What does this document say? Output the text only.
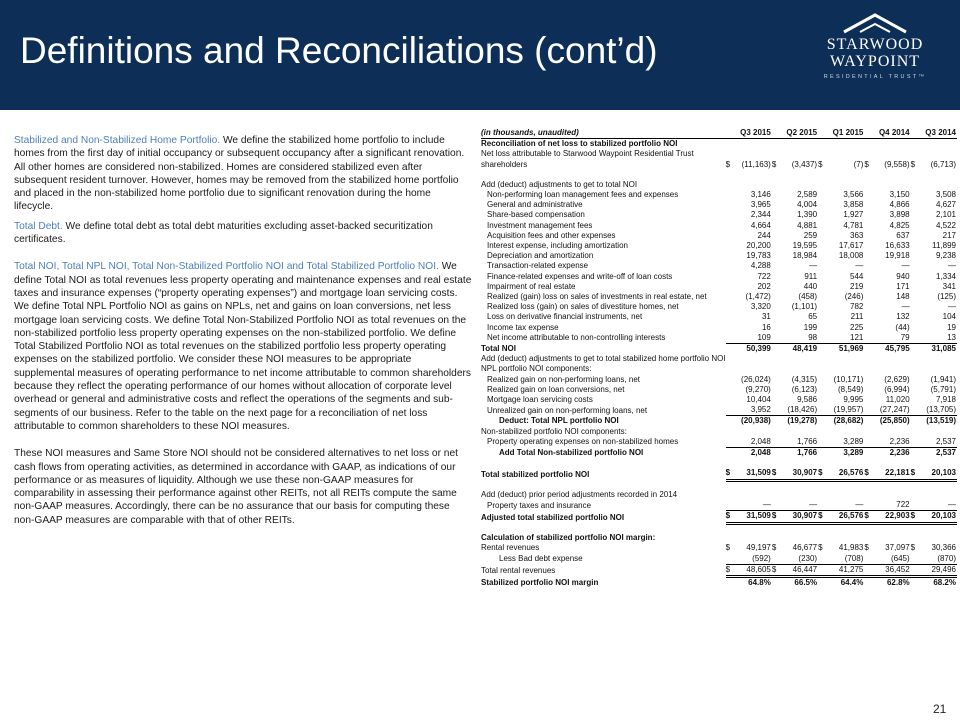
Definitions and Reconciliations (cont’d)	STARWOOD
WAYPOINT
RESIDENTIAL TRUST™

Stabilized and Non-Stabilized Home Portfolio. We define the stabilized home portfolio to include homes from the first day of initial occupancy or subsequent occupancy after a significant renovation. All other homes are considered non-stabilized. Homes are considered stabilized even after subsequent resident turnover. However, homes may be removed from the stabilized home portfolio and placed in the non-stabilized home portfolio due to significant renovation during the home lifecycle.

Total Debt. We define total debt as total debt maturities excluding asset-backed securitization certificates.

Total NOI, Total NPL NOI, Total Non-Stabilized Portfolio NOI and Total Stabilized Portfolio NOI. We define Total NOI as total revenues less property operating and maintenance expenses and real estate taxes and insurance expenses (“property operating expenses”) and mortgage loan servicing costs. We define Total NPL Portfolio NOI as gains on NPLs, net and gains on loan conversions, net less mortgage loan servicing costs. We define Total Non-Stabilized Portfolio NOI as total revenues on the non-stabilized portfolio less property operating expenses on the non-stabilized portfolio. We define Total Stabilized Portfolio NOI as total revenues on the stabilized portfolio less property operating expenses on the stabilized portfolio. We consider these NOI measures to be appropriate supplemental measures of operating performance to net income attributable to common shareholders because they reflect the operating performance of our homes without allocation of corporate level overhead or general and administrative costs and reflect the operations of the segments and sub-segments of our business. Refer to the table on the next page for a reconciliation of net loss attributable to common shareholders to these NOI measures.

These NOI measures and Same Store NOI should not be considered alternatives to net loss or net cash flows from operating activities, as determined in accordance with GAAP, as indications of our performance or as measures of liquidity. Although we use these non-GAAP measures for comparability in assessing their performance against other REITs, not all REITs compute the same non-GAAP measures. Accordingly, there can be no assurance that our basis for computing these non-GAAP measures are comparable with that of other REITs.

(in thousands, unaudited)		Q3 2015		Q2 2015		Q1 2015		Q4 2014		Q3 2014
Reconciliation of net loss to stabilized portfolio NOI										
Net loss attributable to Starwood Waypoint Residential Trust										
shareholders	$	(11,163)	$	(3,437)	$	(7)	$	(9,558)	$	(6,713)

Add (deduct) adjustments to get to total NOI										
Non-performing loan management fees and expenses		3,146		2,589		3,566		3,150		3,508
General and administrative		3,965		4,004		3,858		4,866		4,627
Share-based compensation		2,344		1,390		1,927		3,898		2,101
Investment management fees		4,664		4,881		4,781		4,825		4,522
Acquisition fees and other expenses		244		259		363		637		217
Interest expense, including amortization		20,200		19,595		17,617		16,633		11,899
Depreciation and amortization		19,783		18,984		18,008		19,918		9,238
Transaction-related expense		4,288		—		—		—		—
Finance-related expenses and write-off of loan costs		722		911		544		940		1,334
Impairment of real estate		202		440		219		171		341
Realized (gain) loss on sales of investments in real estate, net		(1,472)		(458)		(246)		148		(125)
Realized loss (gain) on sales of divestiture homes, net		3,320		(1,101)		782		—		—
Loss on derivative financial instruments, net		31		65		211		132		104
Income tax expense		16		199		225		(44)		19
Net income attributable to non-controlling interests		109		98		121		79		13
Total NOI		50,399		48,419		51,969		45,795		31,085
Add (deduct) adjustments to get to total stabilized home portfolio NOI										
NPL portfolio NOI components:										
Realized gain on non-performing loans, net		(26,024)		(4,315)		(10,171)		(2,629)		(1,941)
Realized gain on loan conversions, net		(9,270)		(6,123)		(8,549)		(6,994)		(5,791)
Mortgage loan servicing costs		10,404		9,586		9,995		11,020		7,918
Unrealized gain on non-performing loans, net		3,952		(18,426)		(19,957)		(27,247)		(13,705)
Deduct: Total NPL portfolio NOI		(20,938)		(19,278)		(28,682)		(25,850)		(13,519)
Non-stabilized portfolio NOI components:										
Property operating expenses on non-stabilized homes		2,048		1,766		3,289		2,236		2,537
Add Total Non-stabilized portfolio NOI		2,048		1,766		3,289		2,236		2,537

Total stabilized portfolio NOI	$	31,509	$	30,907	$	26,576	$	22,181	$	20,103

Add (deduct) prior period adjustments recorded in 2014										
Property taxes and insurance		—		—		—		722		—
Adjusted total stabilized portfolio NOI	$	31,509	$	30,907	$	26,576	$	22,903	$	20,103

Calculation of stabilized portfolio NOI margin:										
Rental revenues	$	49,197	$	46,677	$	41,983	$	37,097	$	30,366
Less Bad debt expense		(592)		(230)		(708)		(645)		(870)
Total rental revenues	$	48,605	$	46,447		41,275		36,452		29,496
Stabilized portfolio NOI margin		64.8%		66.5%		64.4%		62.8%		68.2%
21
